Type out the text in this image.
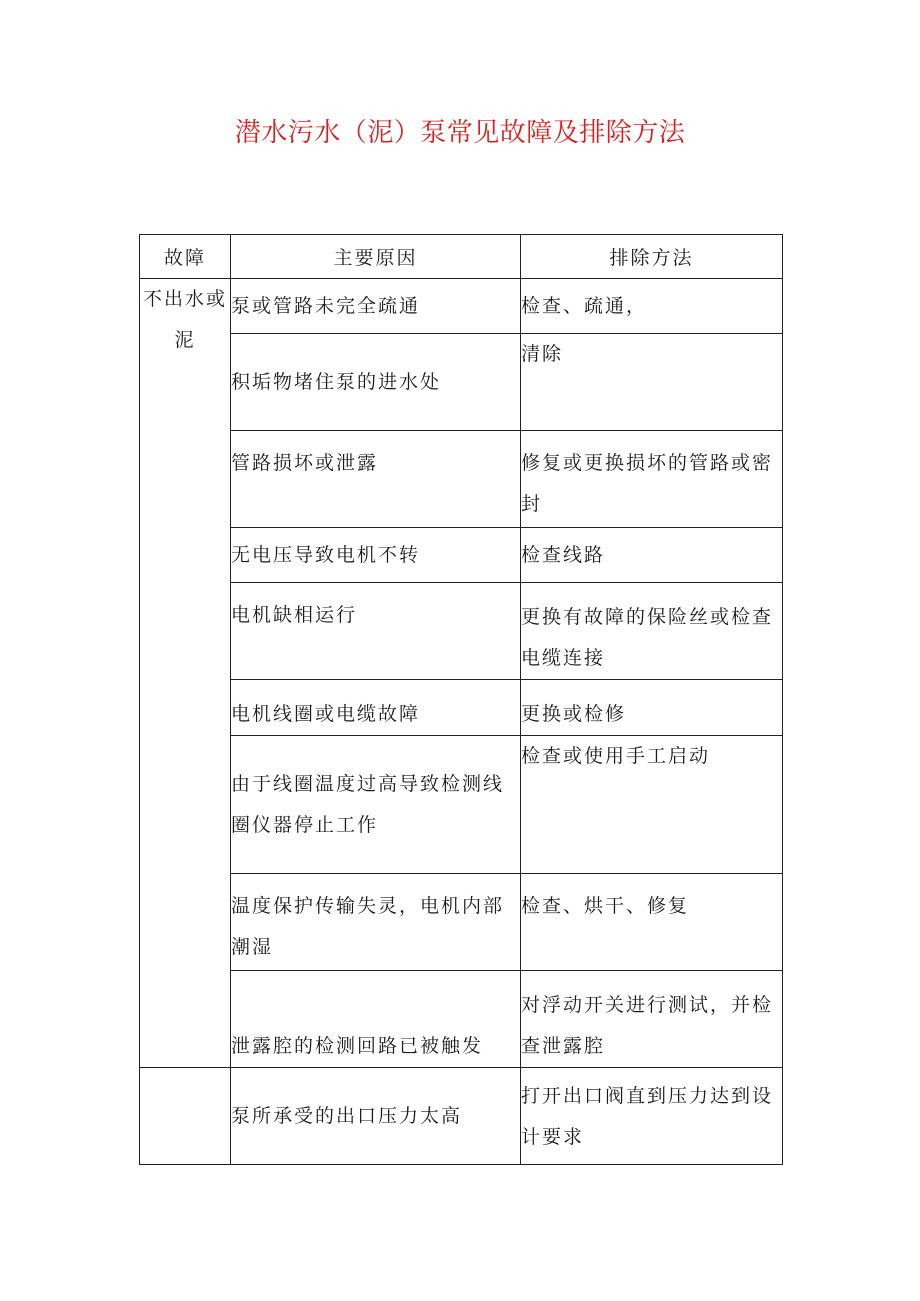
潜水污水（泥）泵常见故障及排除方法
故障	主要原因	排除方法
不出水或泥	泵或管路未完全疏通	检查、疏通，
	积垢物堵住泵的进水处	清除
	管路损坏或泄露	修复或更换损坏的管路或密封
	无电压导致电机不转	检查线路
	电机缺相运行	更换有故障的保险丝或检查电缆连接
	电机线圈或电缆故障	更换或检修
	由于线圈温度过高导致检测线圈仪器停止工作	检查或使用手工启动
	温度保护传输失灵，电机内部潮湿	检查、烘干、修复
	泄露腔的检测回路已被触发	对浮动开关进行测试，并检查泄露腔
	泵所承受的出口压力太高	打开出口阀直到压力达到设计要求
